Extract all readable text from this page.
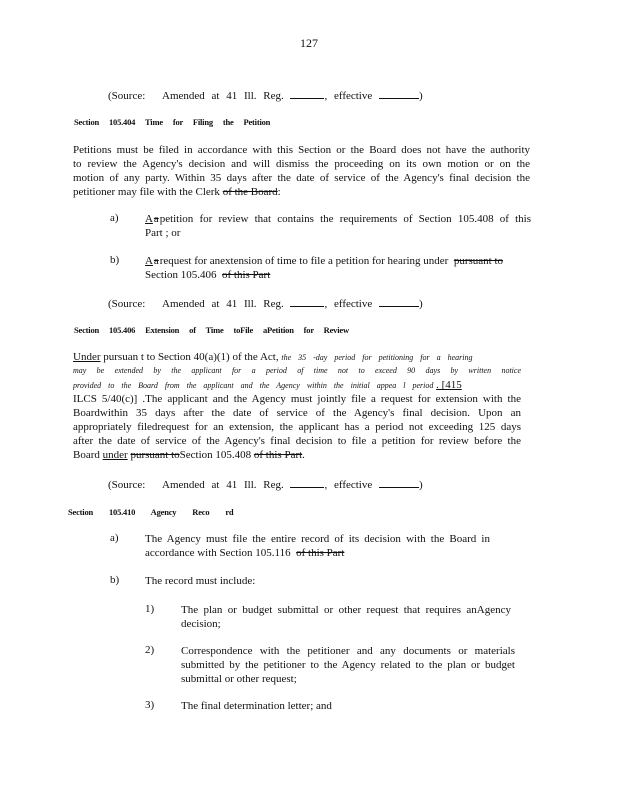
127
(Source: Amended at 41 Ill. Reg.	, effective	)
Section 105.404 Time for Filing the Petition
Petitions must be filed in accordance with this Section or the Board does not have the authority
to review the Agency's decision and will dismiss the proceeding on its own motion or on the
motion of any party. Within 35 days after the date of service of the Agency's final decision the
petitioner may file with the Clerk of the Board:
a) A a petition for review that contains the requirements of Section 105.408 of this
Part ; or
b) A a request for anextension of time to file a petition for hearing under pursuant to
Section 105.406 of this Part
(Source: Amended at 41 Ill. Reg.	, effective	)
Section 105.406 Extension of Time toFile aPetition for Review
Under pursuan t to Section 40(a)(1) of the Act, the 35 -day period for petitioning for a hearing
may be extended by the applicant for a period of time not to exceed 90 days by written notice
provided to the Board from the applicant and the Agency within the initial appea l period . [415
ILCS 5/40(c)] .The applicant and the Agency must jointly file a request for extension with the
Boardwithin 35 days after the date of service of the Agency's final decision. Upon an
appropriately filedrequest for an extension, the applicant has a period not exceeding 125 days
after the date of service of the Agency's final decision to file a petition for review before the
Board under pursuant toSection 105.408 of this Part.
(Source: Amended at 41 Ill. Reg.	, effective	)
Section 105.410 Agency Reco rd
a) The Agency must file the entire record of its decision with the Board in
accordance with Section 105.116 of this Part
b) The record must include:
1) The plan or budget submittal or other request that requires anAgency
decision;
2) Correspondence with the petitioner and any documents or materials
submitted by the petitioner to the Agency related to the plan or budget
submittal or other request;
3) The final determination letter; and
